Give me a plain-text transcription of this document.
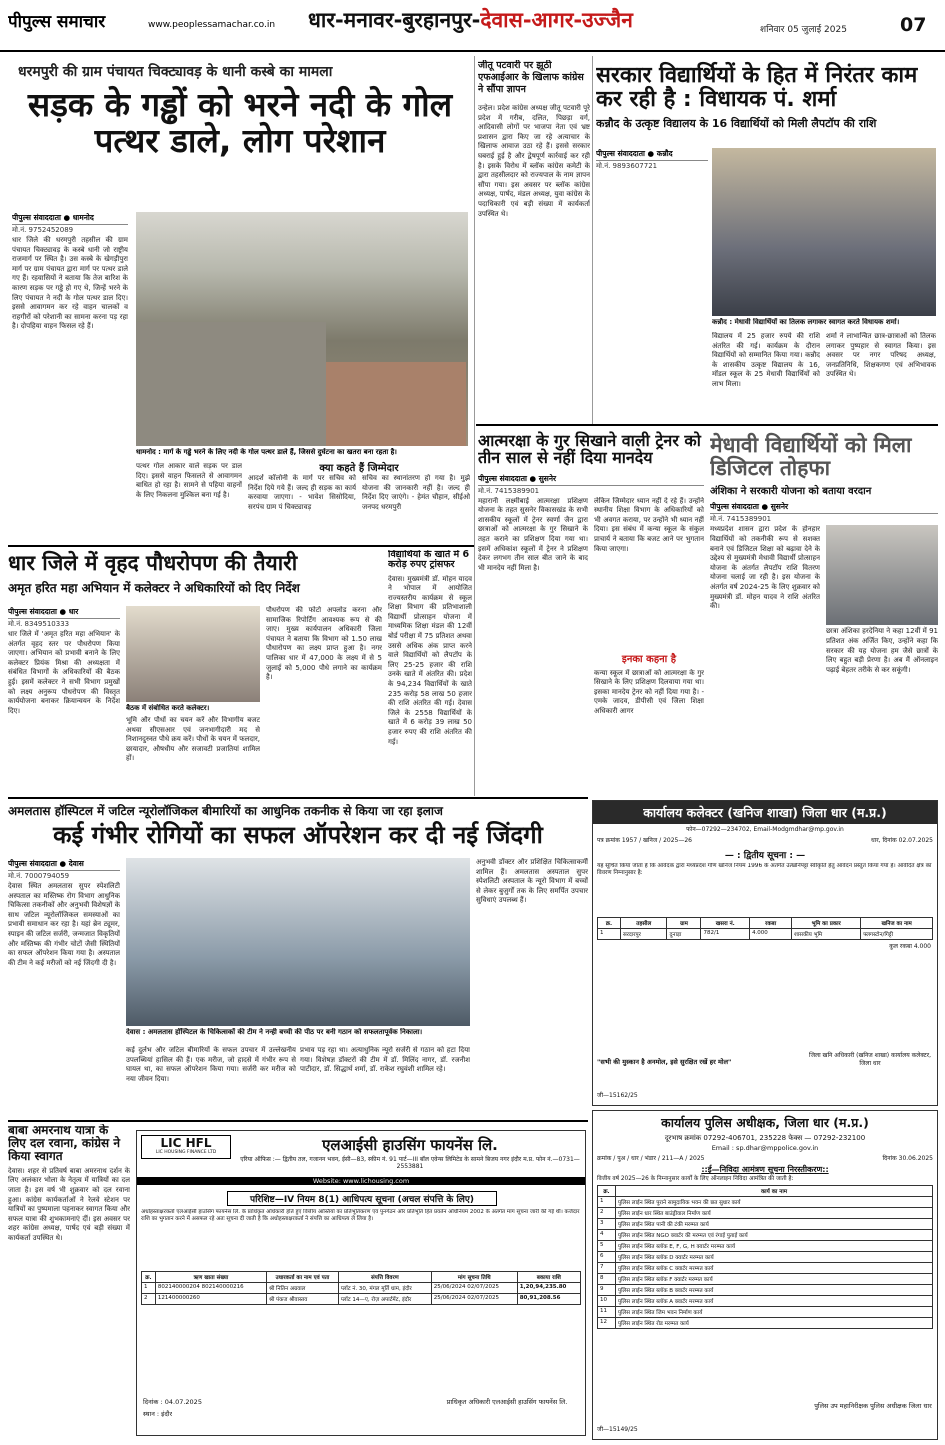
पीपुल्स समाचार	www.peoplessamachar.co.in धार-मनावर-बुरहानपुर-देवास-आगर-उज्जैन	शनिवार 05 जुलाई 2025	07
धरमपुरी की ग्राम पंचायत चिक्ट्यावड़ के धानी कस्बे का मामला
सड़क के गड्ढों को भरने नदी के गोल पत्थर डाले, लोग परेशान
पीपुल्स संवाददाता ● धामनोद
मो.नं. 9752452089
धार जिले की धरमपुरी तहसील की ग्राम पंचायत चिक्ट्यावड़ के कस्बे धानी जो राष्ट्रीय राजमार्ग पर स्थित है। उस कस्बे के खेगड़ीपुरा मार्ग पर ग्राम पंचायत द्वारा मार्ग पर पत्थर डाले गए हैं। रहवासियों ने बताया कि तेज बारिश के कारण सड़क पर गड्ढे हो गए थे, जिन्हें भरने के लिए पंचायत ने नदी के गोल पत्थर डाल दिए। इससे आवागमन कर रहे वाहन चालकों व राहगीरों को परेशानी का सामना करना पड़ रहा है। दोपहिया वाहन फिसल रहे हैं।
धामनोद : मार्ग के गड्ढे भरने के लिए नदी के गोल पत्थर डाले हैं, जिससे दुर्घटना का खतरा बना रहता है।
पत्थर गोल आकार वाले सड़क पर डाल दिए। इससे वाहन फिसलते से आवागमन बाधित हो रहा है। सामने से पहिया वाहनों के लिए निकलना मुश्किल बना गई है।
क्या कहते हैं जिम्मेदार
आदर्श कॉलोनी के मार्ग पर सचिव को निर्देश दिये गये हैं। जल्द ही सड़क का कार्य करवाया जाएगा। - भावेश सिसोदिया, सरपंच ग्राम पं चिक्ट्यावड़
सचिव का स्थानांतरण हो गया है। मुझे योजना की जानकारी नहीं है। जल्द ही निर्देश दिए जाएंगे। - हेमंत चौहान, सीईओ जनपद धरमपुरी
जीतू पटवारी पर झूठी एफआईआर के खिलाफ कांग्रेस ने सौंपा ज्ञापन
उन्हेल। प्रदेश कांग्रेस अध्यक्ष जीतू पटवारी पूरे प्रदेश में गरीब, दलित, पिछड़ा वर्ग, आदिवासी लोगों पर भाजपा नेता एवं भ्रष्ट प्रशासन द्वारा किए जा रहे अत्याचार के खिलाफ आवाज उठा रहे हैं। इससे सरकार घबराई हुई है और द्वेषपूर्ण कार्रवाई कर रही है। इसके विरोध में ब्लॉक कांग्रेस कमेटी के द्वारा तहसीलदार को राज्यपाल के नाम ज्ञापन सौंपा गया। इस अवसर पर ब्लॉक कांग्रेस अध्यक्ष, पार्षद, मंडल अध्यक्ष, युवा कांग्रेस के पदाधिकारी एवं बड़ी संख्या में कार्यकर्ता उपस्थित थे।
सरकार विद्यार्थियों के हित में निरंतर काम कर रही है : विधायक पं. शर्मा
कन्नौद के उत्कृष्ट विद्यालय के 16 विद्यार्थियों को मिली लैपटॉप की राशि
पीपुल्स संवाददाता ● कन्नौद
मो.नं. 9893607721
कन्नौद : मेधावी विद्यार्थियों का तिलक लगाकर स्वागत करते विधायक शर्मा।
विद्यालय में 25 हजार रुपये की राशि अंतरित की गई। कार्यक्रम के दौरान विद्यार्थियों को सम्मानित किया गया। कन्नौद के शासकीय उत्कृष्ट विद्यालय के 16, मॉडल स्कूल के 25 मेधावी विद्यार्थियों को लाभ मिला।
शर्मा ने लाभान्वित छात्र-छात्राओं को तिलक लगाकर पुष्पहार से स्वागत किया। इस अवसर पर नगर परिषद अध्यक्ष, जनप्रतिनिधि, शिक्षकगण एवं अभिभावक उपस्थित थे।
आत्मरक्षा के गुर सिखाने वाली ट्रेनर को तीन साल से नहीं दिया मानदेय
पीपुल्स संवाददाता ● सुसनेर
मो.नं. 7415389901
महारानी लक्ष्मीबाई आत्मरक्षा प्रशिक्षण योजना के तहत सुसनेर विकासखंड के सभी शासकीय स्कूलों में ट्रेनर स्वर्णा जैन द्वारा छात्राओं को आत्मरक्षा के गुर सिखाने के तहत कराने का प्रशिक्षण दिया गया था। इसमें अधिकांश स्कूलों में ट्रेनर ने प्रशिक्षण देकर लगभग तीन साल बीत जाने के बाद भी मानदेय नहीं मिला है।
लेकिन जिम्मेदार ध्यान नहीं दे रहे हैं। उन्होंने स्थानीय शिक्षा विभाग के अधिकारियों को भी अवगत कराया, पर उन्होंने भी ध्यान नहीं दिया। इस संबंध में कन्या स्कूल के संकुल प्राचार्य ने बताया कि बजट आने पर भुगतान किया जाएगा।
इनका कहना है
कन्या स्कूल में छात्राओं को आत्मरक्षा के गुर सिखाने के लिए प्रशिक्षण दिलवाया गया था। इसका मानदेय ट्रेनर को नहीं दिया गया है। - एमके जादव, डीपीसी एवं जिला शिक्षा अधिकारी आगर
मेधावी विद्यार्थियों को मिला डिजिटल तोहफा
अंशिका ने सरकारी योजना को बताया वरदान
पीपुल्स संवाददाता ● सुसनेर
मो.नं. 7415389901
मध्यप्रदेश शासन द्वारा प्रदेश के होनहार विद्यार्थियों को तकनीकी रूप से सशक्त बनाने एवं डिजिटल शिक्षा को बढ़ावा देने के उद्देश्य से मुख्यमंत्री मेधावी विद्यार्थी प्रोत्साहन योजना के अंतर्गत लैपटॉप राशि वितरण योजना चलाई जा रही है। इस योजना के अंतर्गत वर्ष 2024-25 के लिए शुक्रवार को मुख्यमंत्री डॉ. मोहन यादव ने राशि अंतरित की।
छात्रा अंशिका हरदेनिया ने कहा 12वीं में 91 प्रतिशत अंक अर्जित किए, उन्होंने कहा कि सरकार की यह योजना हम जैसे छात्रों के लिए बहुत बड़ी प्रेरणा है। अब मैं ऑनलाइन पढ़ाई बेहतर तरीके से कर सकूंगी।
धार जिले में वृहद पौधरोपण की तैयारी
अमृत हरित महा अभियान में कलेक्टर ने अधिकारियों को दिए निर्देश
पीपुल्स संवाददाता ● धार
मो.नं. 8349510333
धार जिले में 'अमृत हरित महा अभियान' के अंतर्गत वृहद स्तर पर पौधरोपण किया जाएगा। अभियान को प्रभावी बनाने के लिए कलेक्टर प्रियंक मिश्रा की अध्यक्षता में संबंधित विभागों के अधिकारियों की बैठक हुई। इसमें कलेक्टर ने सभी विभाग प्रमुखों को लक्ष्य अनुरूप पौधरोपण की विस्तृत कार्ययोजना बनाकर क्रियान्वयन के निर्देश दिए।	बैठक में संबोधित करते कलेक्टर।
भूमि और पौधों का चयन करें और विभागीय बजट अथवा सीएसआर एवं जनभागीदारी मद से निशानदुरुस्त पौधे क्रय करें। पौधों के चयन में फलदार, छायादार, औषधीय और सजावटी प्रजातियां शामिल हों।
पौधरोपण की फोटो अपलोड करना और सामाजिक रिपोर्टिंग आवश्यक रूप से की जाए। मुख्य कार्यपालन अधिकारी जिला पंचायत ने बताया कि विभाग को 1.50 लाख पौधारोपण का लक्ष्य प्राप्त हुआ है। नगर पालिका धार में 47,000 के लक्ष्य में से 5 जुलाई को 5,000 पौधे लगाने का कार्यक्रम है।
विद्यार्थियों के खाते में 6 करोड़ रुपए ट्रांसफर
देवास। मुख्यमंत्री डॉ. मोहन यादव ने भोपाल में आयोजित राज्यस्तरीय कार्यक्रम से स्कूल शिक्षा विभाग की प्रतिभाशाली विद्यार्थी प्रोत्साहन योजना में माध्यमिक शिक्षा मंडल की 12वीं बोर्ड परीक्षा में 75 प्रतिशत अथवा उससे अधिक अंक प्राप्त करने वाले विद्यार्थियों को लैपटॉप के लिए 25-25 हजार की राशि उनके खाते में अंतरित की। प्रदेश के 94,234 विद्यार्थियों के खाते 235 करोड़ 58 लाख 50 हजार की राशि अंतरित की गई। देवास जिले के 2558 विद्यार्थियों के खाते में 6 करोड़ 39 लाख 50 हजार रुपए की राशि अंतरित की गई।
अमलतास हॉस्पिटल में जटिल न्यूरोलॉजिकल बीमारियों का आधुनिक तकनीक से किया जा रहा इलाज
कई गंभीर रोगियों का सफल ऑपरेशन कर दी नई जिंदगी
पीपुल्स संवाददाता ● देवास
मो.नं. 7000794059
देवास स्थित अमलतास सुपर स्पेशलिटी अस्पताल का मस्तिष्क रोग विभाग आधुनिक चिकित्सा तकनीकों और अनुभवी विशेषज्ञों के साथ जटिल न्यूरोलॉजिकल समस्याओं का प्रभावी समाधान कर रहा है। यहां ब्रेन ट्यूमर, स्पाइन की जटिल सर्जरी, जन्मजात विकृतियों और मस्तिष्क की गंभीर चोटों जैसी स्थितियों का सफल ऑपरेशन किया गया है। अस्पताल की टीम ने कई मरीजों को नई जिंदगी दी है।
अनुभवी डॉक्टर और प्रशिक्षित चिकित्साकर्मी शामिल हैं। अमलतास अस्पताल सुपर स्पेशलिटी अस्पताल के न्यूरो विभाग में बच्चों से लेकर बुजुर्गों तक के लिए समर्पित उपचार सुविधाएं उपलब्ध हैं।
देवास : अमलतास हॉस्पिटल के चिकित्सकों की टीम ने नन्ही बच्ची की पीठ पर बनी गठान को सफलतापूर्वक निकाला।
कई दुर्लभ और जटिल बीमारियों के सफल उपचार में उल्लेखनीय उपलब्धियां हासिल की हैं। एक मरीज, जो हादसे में गंभीर रूप से घायल था, का सफल ऑपरेशन किया गया। सर्जरी कर मरीज को नया जीवन दिया।
प्रभाव पड़ रहा था। अत्याधुनिक न्यूरो सर्जरी से गठान को हटा दिया गया। विशेषज्ञ डॉक्टरों की टीम में डॉ. मिलिंद नागर, डॉ. रजनीश पाटीदार, डॉ. सिद्धार्थ शर्मा, डॉ. राकेश रघुवंशी शामिल रहे।
बाबा अमरनाथ यात्रा के लिए दल रवाना, कांग्रेस ने किया स्वागत
देवास। शहर से प्रतिवर्ष बाबा अमरनाथ दर्शन के लिए अलंकार भोला के नेतृत्व में यात्रियों का दल जाता है। इस वर्ष भी शुक्रवार को दल रवाना हुआ। कांग्रेस कार्यकर्ताओं ने रेलवे स्टेशन पर यात्रियों का पुष्पमाला पहनाकर स्वागत किया और सफल यात्रा की शुभकामनाएं दीं। इस अवसर पर शहर कांग्रेस अध्यक्ष, पार्षद एवं बड़ी संख्या में कार्यकर्ता उपस्थित थे।
LIC HFL
LIC HOUSING FINANCE LTD	एलआईसी हाउसिंग फायनेंस लि.
एरिया ऑफिस :— द्वितीय तल, गजानन भवन, ईसी—83, स्कीम नं. 91 पार्ट—III बॉल एवेन्स लिमिटेड के सामने बिजय नगर इंदौर म.प्र. फोन नं.—0731—2553881
Website: www.lichousing.com
परिशिष्ट—IV नियम 8(1) आधिपत्य सूचना (अचल संपत्ति के लिए)
अधोहस्ताक्षरकर्ता एलआईसी हाउसिंग फायनेंस लि. के प्राधिकृत अधिकारी होते हुए वित्तीय आस्तियों का प्रतिभूतिकरण एवं पुनर्गठन और प्रतिभूति हित प्रवर्तन अधिनियम 2002 के अंतर्गत मांग सूचना जारी की गई थी। कर्जदार राशि का भुगतान करने में असफल रहे अतः सूचना दी जाती है कि अधोहस्ताक्षरकर्ता ने संपत्ति का आधिपत्य ले लिया है।
क्र.	ऋण खाता संख्या	उधारकर्ता का नाम एवं पता	संपत्ति विवरण	मांग सूचना तिथि	बकाया राशि
1	802140000204 802140000216	श्री नितिन अग्रवाल	प्लॉट नं. 30, मंगल मूर्ति धाम, इंदौर	25/06/2024 02/07/2025	1,20,94,235.80
2	121400000260	श्री पंकज श्रीवास्तव	प्लॉट 14—ए, रोज़ अपार्टमेंट, इंदौर	25/06/2024 02/07/2025	80,91,208.56
दिनांक : 04.07.2025
स्थान : इंदौर
प्राधिकृत अधिकारी एलआईसी हाउसिंग फायनेंस लि.
कार्यालय कलेक्टर (खनिज शाखा) जिला धार (म.प्र.)
फोन—07292—234702, Email-Modgmdhar@mp.gov.in
पत्र क्रमांक 1957 / खनिज / 2025—26	धार, दिनांक 02.07.2025
— : द्वितीय सूचना : —
यह सूचित किया जाता है कि आवेदक द्वारा मध्यप्रदेश गौण खनिज नियम 1996 के अंतर्गत उत्खनिपट्टा स्वीकृति हेतु आवेदन प्रस्तुत किया गया है। आवेदित क्षेत्र का विवरण निम्नानुसार है:
क्र.	तहसील	ग्राम	खसरा नं.	रकबा	भूमि का प्रकार	खनिज का नाम
1	सरदारपुर	दुनाड़ा	782/1	4.000	शासकीय भूमि	फ्लगस्टोन/गिट्टी
कुल रकबा 4.000
"सभी की मुस्कान है अनमोल, इसे सुरक्षित रखें हर मोल"
जिला खनि अधिकारी (खनिज शाखा) कार्यालय कलेक्टर, जिला धार
जी—15162/25
कार्यालय पुलिस अधीक्षक, जिला धार (म.प्र.)
दूरभाष क्रमांक 07292-406701, 235228 फेक्स — 07292-232100
Email : sp.dhar@mppolice.gov.in
क्रमांक / पुअ / धार / भंडार / 211—A / 2025	दिनांक 30.06.2025
::ई—निविदा आमंत्रण सूचना निरस्तीकरण::
वित्तीय वर्ष 2025—26 के निम्नानुसार कार्यों के लिए ऑनलाइन निविदा आमंत्रित की जाती है:
क्र.	कार्य का नाम
1	पुलिस लाईन स्थित पुराने सामुदायिक भवन की छत सुधार कार्य
2	पुलिस लाईन धार स्थित बाउंड्रीवाल निर्माण कार्य
3	पुलिस लाईन स्थित पानी की टंकी मरम्मत कार्य
4	पुलिस लाईन स्थित NGO क्वार्टर की मरम्मत एवं रंगाई पुताई कार्य
5	पुलिस लाईन स्थित ब्लॉक E, F, G, H क्वार्टर मरम्मत कार्य
6	पुलिस लाईन स्थित ब्लॉक D क्वार्टर मरम्मत कार्य
7	पुलिस लाईन स्थित ब्लॉक C क्वार्टर मरम्मत कार्य
8	पुलिस लाईन स्थित ब्लॉक F क्वार्टर मरम्मत कार्य
9	पुलिस लाईन स्थित ब्लॉक B क्वार्टर मरम्मत कार्य
10	पुलिस लाईन स्थित ब्लॉक A क्वार्टर मरम्मत कार्य
11	पुलिस लाईन स्थित जिम भवन निर्माण कार्य
12	पुलिस लाईन स्थित रोड मरम्मत कार्य
पुलिस उप महानिरीक्षक पुलिस अधीक्षक जिला धार
जी—15149/25
